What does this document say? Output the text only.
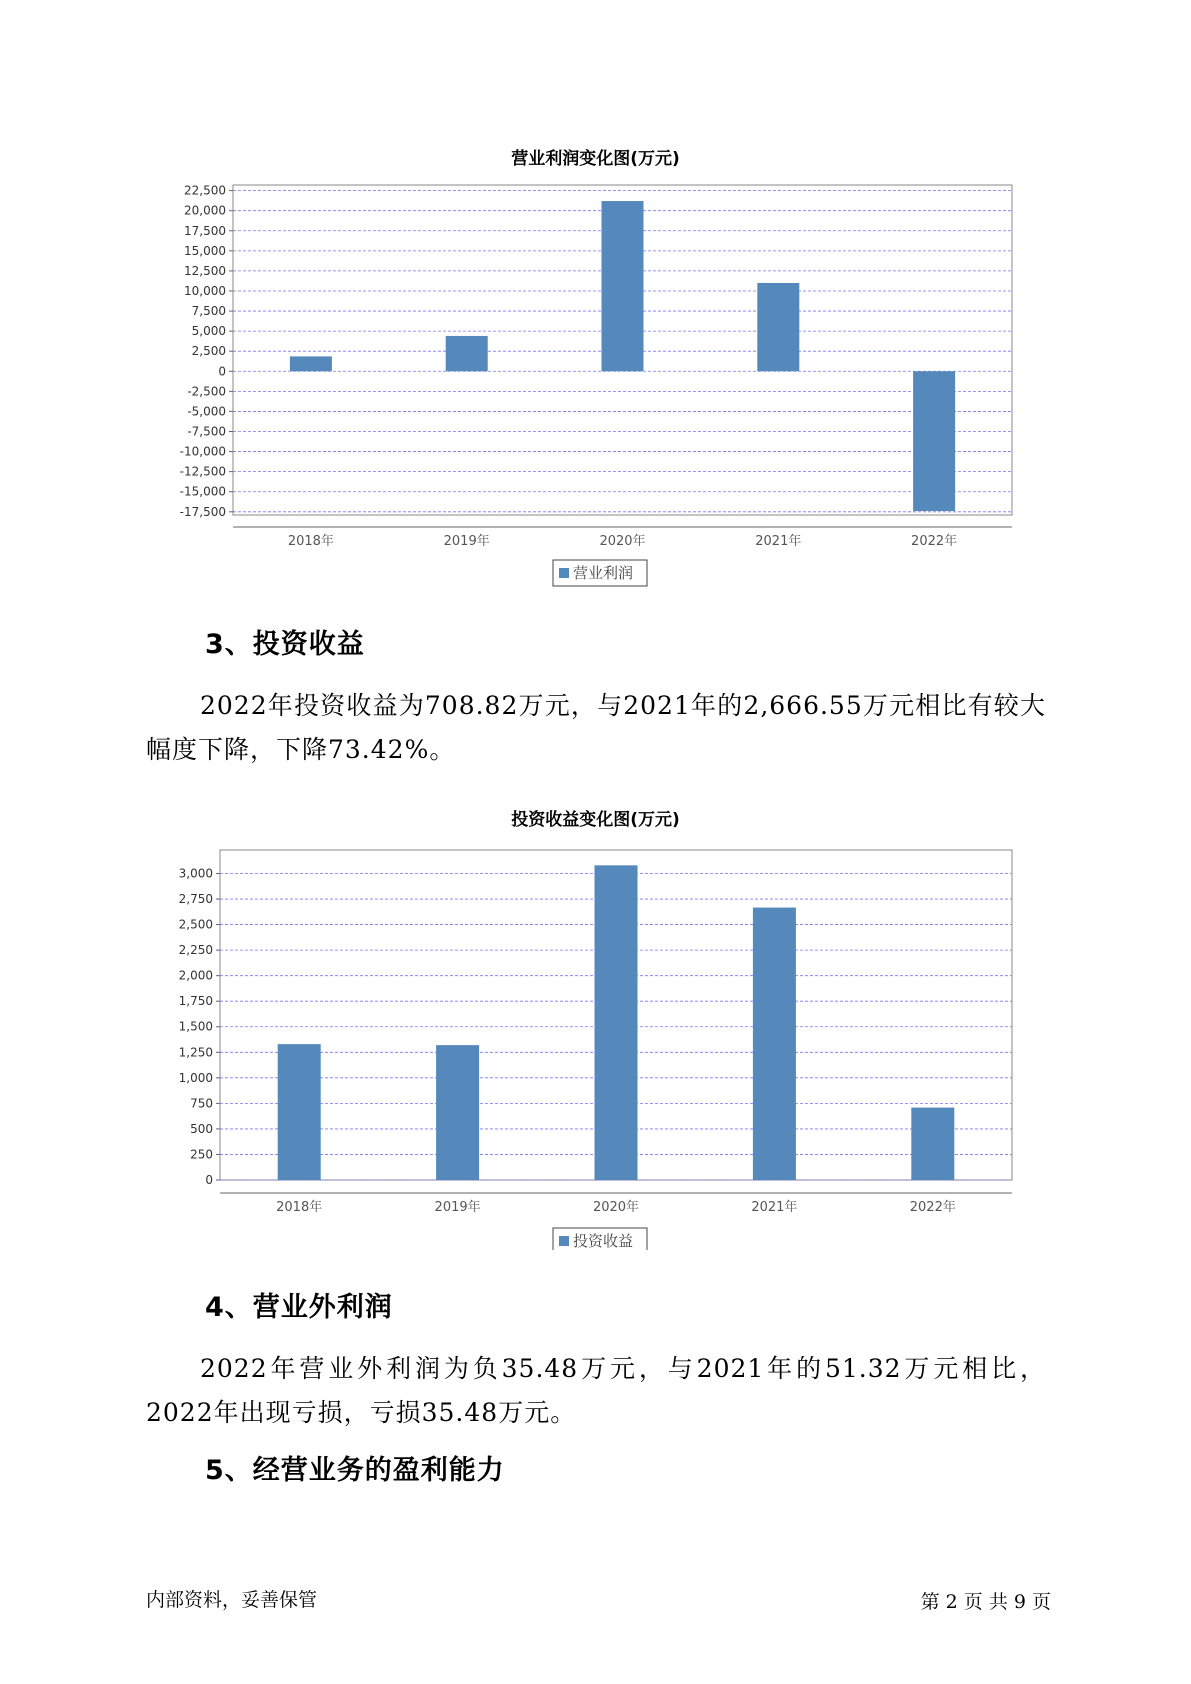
营业利润变化图(万元)
22,500
20,000
17,500
15,000
12,500
10,000
7,500
5,000
2,500
0
-2,500
-5,000
-7,500
-10,000
-12,500
-15,000
-17,500
2018年	2019年	2020年	2021年	2022年
营业利润
3、投资收益
2022年投资收益为708.82万元，与2021年的2,666.55万元相比有较大幅度下降，下降73.42%。
投资收益变化图(万元)
3,000
2,750
2,500
2,250
2,000
1,750
1,500
1,250
1,000
750
500
250
0
2018年	2019年	2020年	2021年	2022年
投资收益
4、营业外利润
2022年营业外利润为负35.48万元，与2021年的51.32万元相比，2022年出现亏损，亏损35.48万元。
5、经营业务的盈利能力
内部资料，妥善保管	第 2 页 共 9 页
